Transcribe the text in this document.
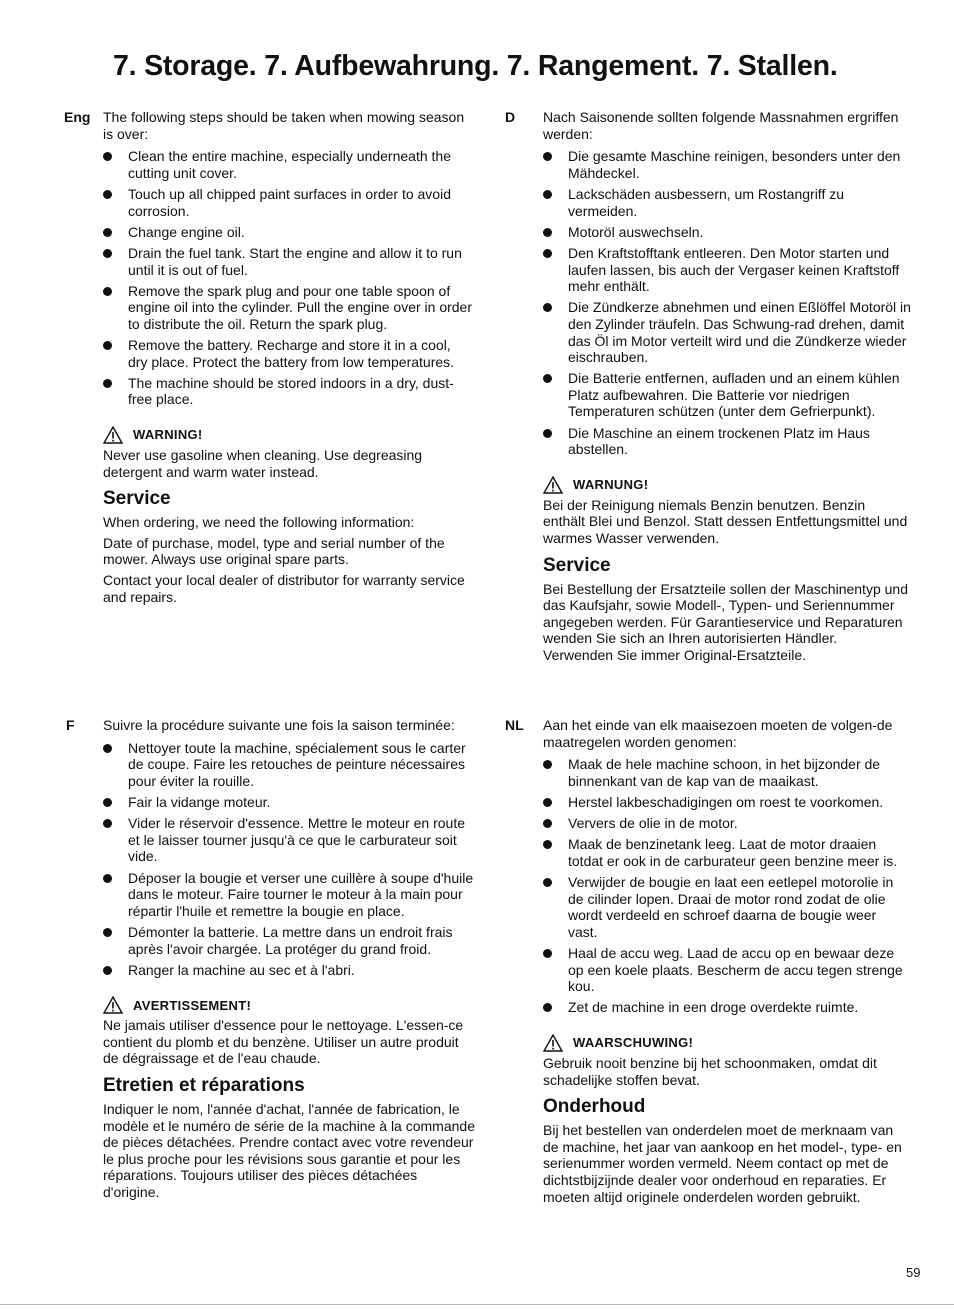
7. Storage. 7. Aufbewahrung. 7. Rangement. 7. Stallen.
Eng The following steps should be taken when mowing season is over:

Clean the entire machine, especially underneath the cutting unit cover.
Touch up all chipped paint surfaces in order to avoid corrosion.
Change engine oil.
Drain the fuel tank. Start the engine and allow it to run until it is out of fuel.
Remove the spark plug and pour one table spoon of engine oil into the cylinder. Pull the engine over in order to distribute the oil. Return the spark plug.
Remove the battery. Recharge and store it in a cool, dry place. Protect the battery from low temperatures.
The machine should be stored indoors in a dry, dust-free place.
WARNING!

Never use gasoline when cleaning. Use degreasing detergent and warm water instead.

Service

When ordering, we need the following information:

Date of purchase, model, type and serial number of the mower. Always use original spare parts.

Contact your local dealer of distributor for warranty service and repairs.

D Nach Saisonende sollten folgende Massnahmen ergriffen werden:

Die gesamte Maschine reinigen, besonders unter den Mähdeckel.
Lackschäden ausbessern, um Rostangriff zu vermeiden.
Motoröl auswechseln.
Den Kraftstofftank entleeren. Den Motor starten und laufen lassen, bis auch der Vergaser keinen Kraftstoff mehr enthält.
Die Zündkerze abnehmen und einen Eßlöffel Motoröl in den Zylinder träufeln. Das Schwung-rad drehen, damit das Öl im Motor verteilt wird und die Zündkerze wieder eischrauben.
Die Batterie entfernen, aufladen und an einem kühlen Platz aufbewahren. Die Batterie vor niedrigen Temperaturen schützen (unter dem Gefrierpunkt).
Die Maschine an einem trockenen Platz im Haus abstellen.
WARNUNG!

Bei der Reinigung niemals Benzin benutzen. Benzin enthält Blei und Benzol. Statt dessen Entfettungsmittel und warmes Wasser verwenden.

Service

Bei Bestellung der Ersatzteile sollen der Maschinentyp und das Kaufsjahr, sowie Modell-, Typen- und Seriennummer angegeben werden. Für Garantieservice und Reparaturen wenden Sie sich an Ihren autorisierten Händler. Verwenden Sie immer Original-Ersatzteile.

F Suivre la procédure suivante une fois la saison terminée:

Nettoyer toute la machine, spécialement sous le carter de coupe. Faire les retouches de peinture nécessaires pour éviter la rouille.
Fair la vidange moteur.
Vider le réservoir d'essence. Mettre le moteur en route et le laisser tourner jusqu'à ce que le carburateur soit vide.
Déposer la bougie et verser une cuillère à soupe d'huile dans le moteur. Faire tourner le moteur à la main pour répartir l'huile et remettre la bougie en place.
Démonter la batterie. La mettre dans un endroit frais après l'avoir chargée. La protéger du grand froid.
Ranger la machine au sec et à l'abri.
AVERTISSEMENT!

Ne jamais utiliser d'essence pour le nettoyage. L'essen-ce contient du plomb et du benzène. Utiliser un autre produit de dégraissage et de l'eau chaude.

Etretien et réparations

Indiquer le nom, l'année d'achat, l'année de fabrication, le modèle et le numéro de série de la machine à la commande de pièces détachées. Prendre contact avec votre revendeur le plus proche pour les révisions sous garantie et pour les réparations. Toujours utiliser des pièces détachées d'origine.

NL Aan het einde van elk maaisezoen moeten de volgen-de maatregelen worden genomen:

Maak de hele machine schoon, in het bijzonder de binnenkant van de kap van de maaikast.
Herstel lakbeschadigingen om roest te voorkomen.
Ververs de olie in de motor.
Maak de benzinetank leeg. Laat de motor draaien totdat er ook in de carburateur geen benzine meer is.
Verwijder de bougie en laat een eetlepel motorolie in de cilinder lopen. Draai de motor rond zodat de olie wordt verdeeld en schroef daarna de bougie weer vast.
Haal de accu weg. Laad de accu op en bewaar deze op een koele plaats. Bescherm de accu tegen strenge kou.
Zet de machine in een droge overdekte ruimte.
WAARSCHUWING!

Gebruik nooit benzine bij het schoonmaken, omdat dit schadelijke stoffen bevat.

Onderhoud

Bij het bestellen van onderdelen moet de merknaam van de machine, het jaar van aankoop en het model-, type- en serienummer worden vermeld. Neem contact op met de dichtstbijzijnde dealer voor onderhoud en reparaties. Er moeten altijd originele onderdelen worden gebruikt.

59
